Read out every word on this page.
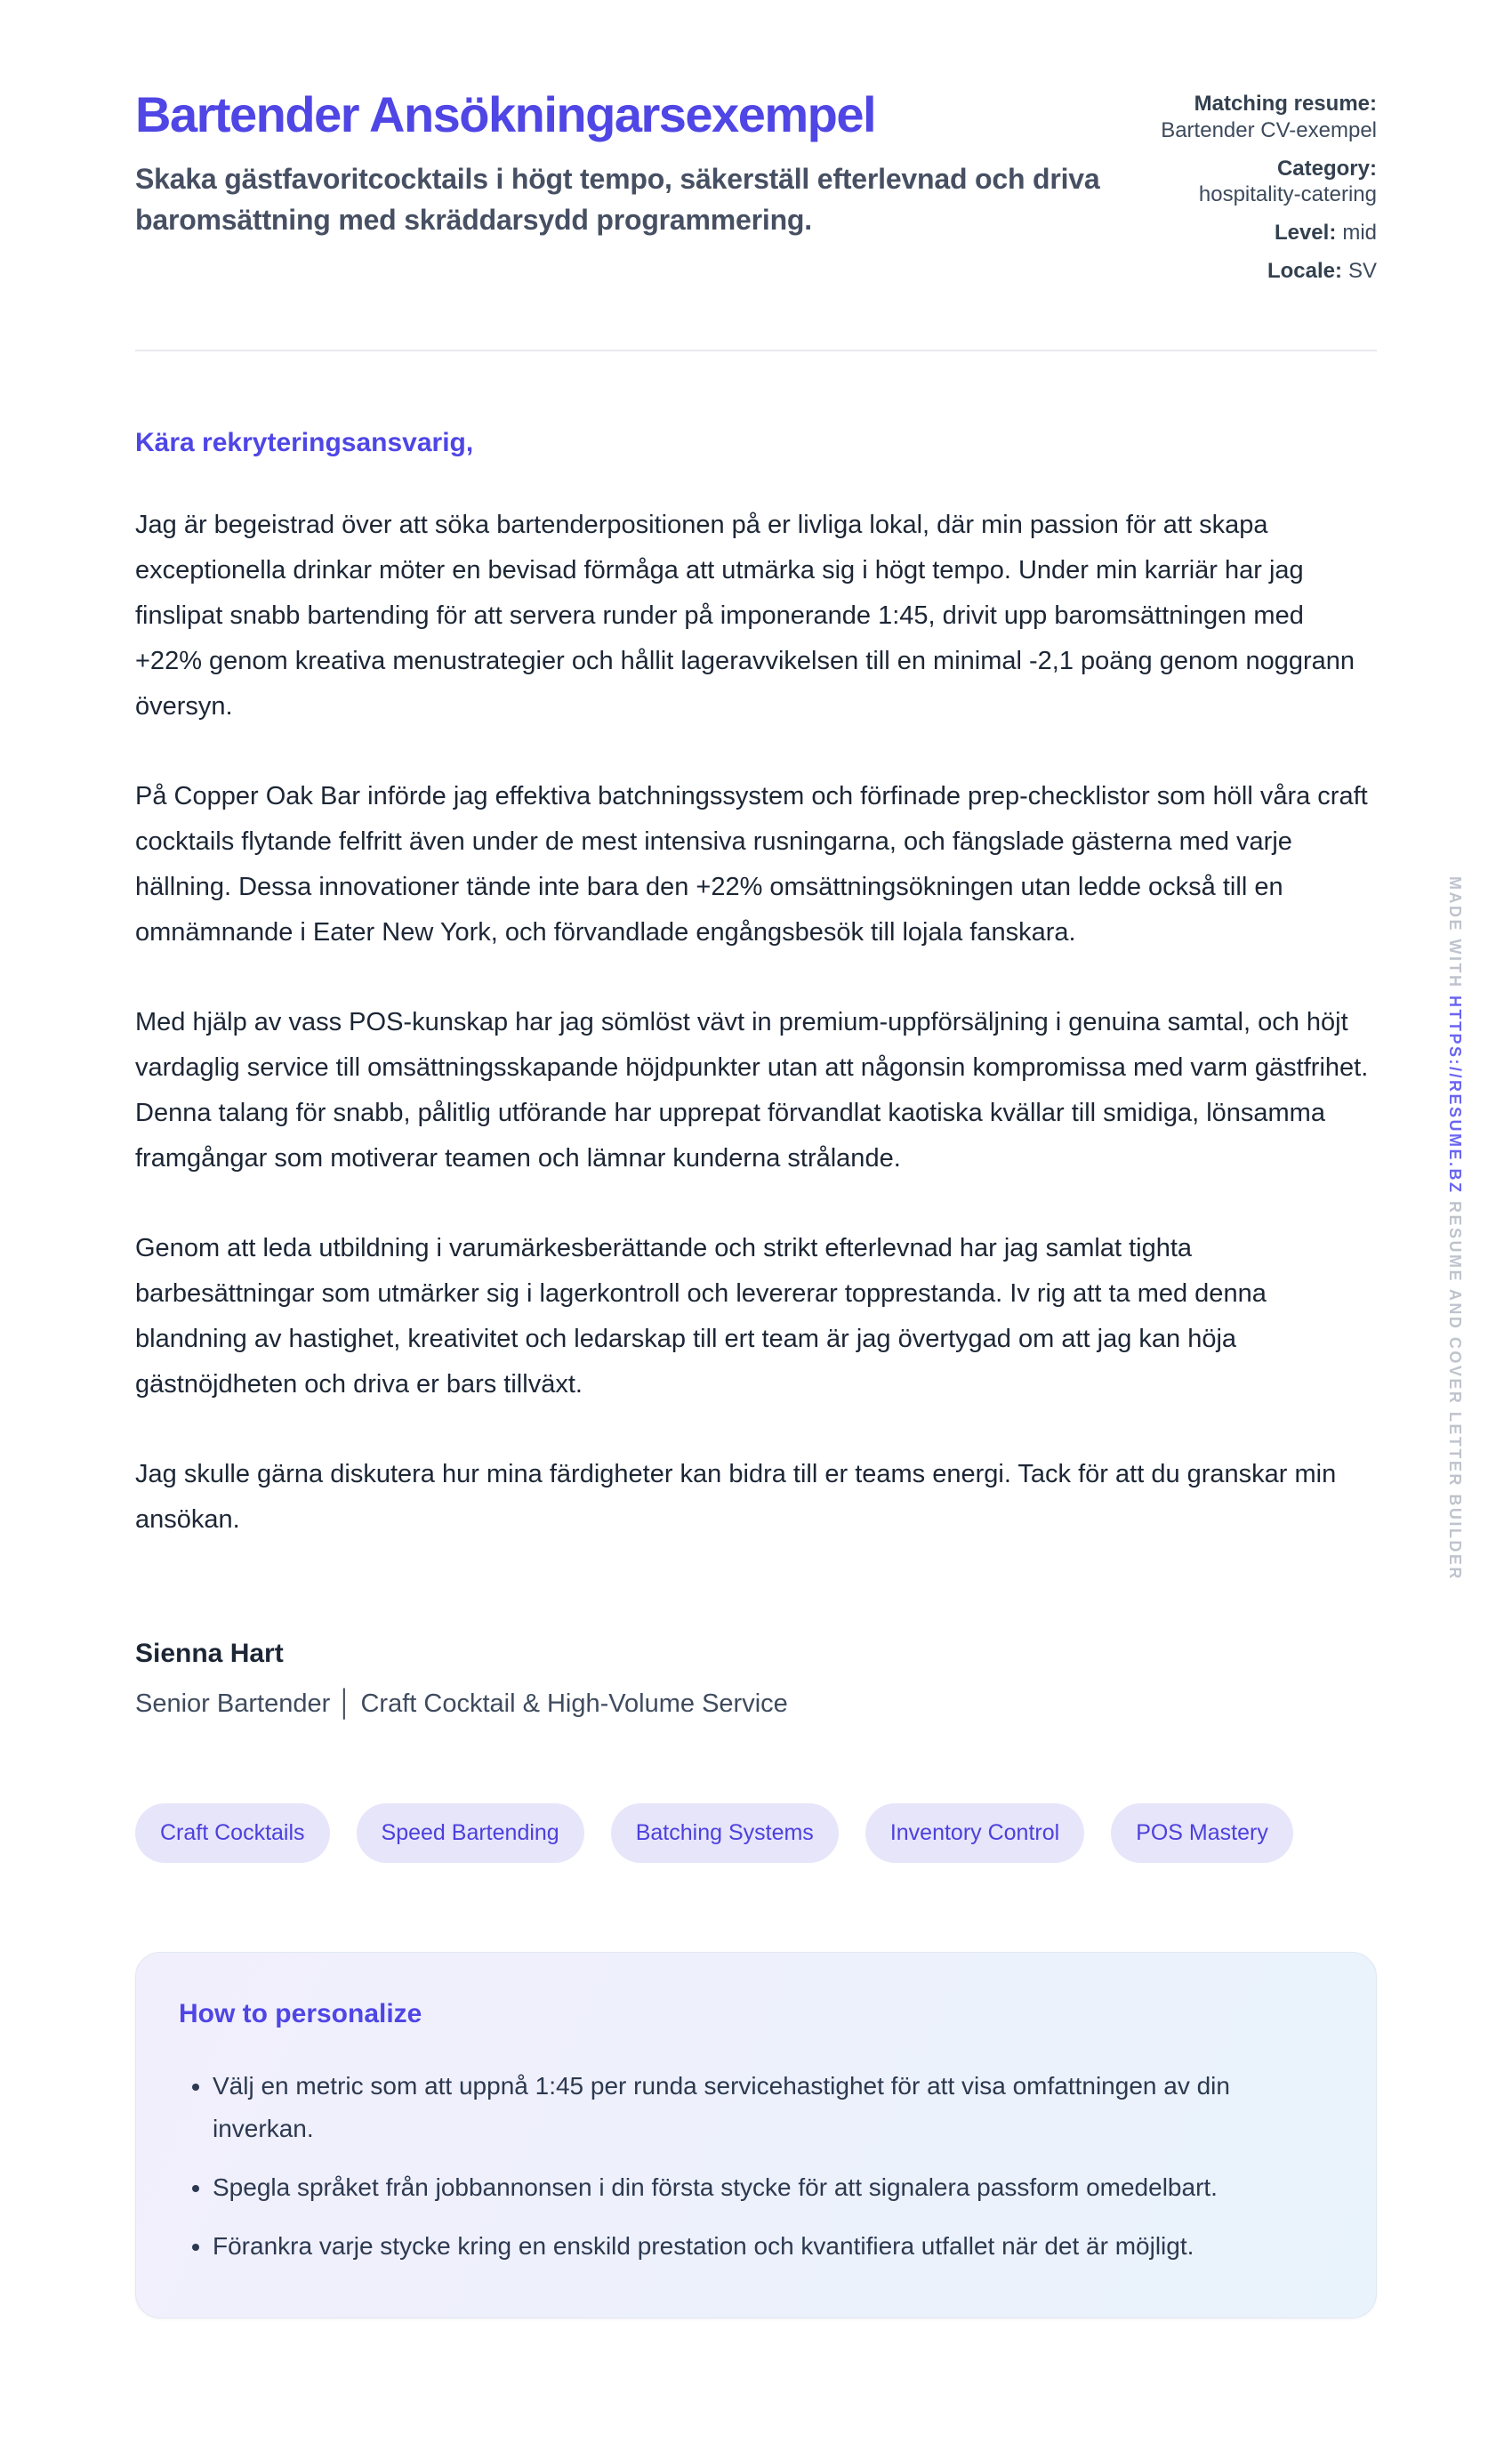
Bartender Ansökningarsexempel

Skaka gästfavoritcocktails i högt tempo, säkerställ efterlevnad och driva baromsättning med skräddarsydd programmering.

Matching resume:
Bartender CV-exempel
Category:
hospitality-catering
Level: mid
Locale: SV

Kära rekryteringsansvarig,

Jag är begeistrad över att söka bartenderpositionen på er livliga lokal, där min passion för att skapa exceptionella drinkar möter en bevisad förmåga att utmärka sig i högt tempo. Under min karriär har jag finslipat snabb bartending för att servera runder på imponerande 1:45, drivit upp baromsättningen med +22% genom kreativa menustrategier och hållit lageravvikelsen till en minimal -2,1 poäng genom noggrann översyn.

På Copper Oak Bar införde jag effektiva batchningssystem och förfinade prep-checklistor som höll våra craft cocktails flytande felfritt även under de mest intensiva rusningarna, och fängslade gästerna med varje hällning. Dessa innovationer tände inte bara den +22% omsättningsökningen utan ledde också till en omnämnande i Eater New York, och förvandlade engångsbesök till lojala fanskara.

Med hjälp av vass POS-kunskap har jag sömlöst vävt in premium-uppförsäljning i genuina samtal, och höjt vardaglig service till omsättningsskapande höjdpunkter utan att någonsin kompromissa med varm gästfrihet. Denna talang för snabb, pålitlig utförande har upprepat förvandlat kaotiska kvällar till smidiga, lönsamma framgångar som motiverar teamen och lämnar kunderna strålande.

Genom att leda utbildning i varumärkesberättande och strikt efterlevnad har jag samlat tighta barbesättningar som utmärker sig i lagerkontroll och levererar topprestanda. Iv rig att ta med denna blandning av hastighet, kreativitet och ledarskap till ert team är jag övertygad om att jag kan höja gästnöjdheten och driva er bars tillväxt.

Jag skulle gärna diskutera hur mina färdigheter kan bidra till er teams energi. Tack för att du granskar min ansökan.

Sienna Hart

Senior Bartender │ Craft Cocktail & High-Volume Service

Craft Cocktails	Speed Bartending	Batching Systems	Inventory Control	POS Mastery
How to personalize
• Välj en metric som att uppnå 1:45 per runda servicehastighet för att visa omfattningen av din inverkan.
• Spegla språket från jobbannonsen i din första stycke för att signalera passform omedelbart.
• Förankra varje stycke kring en enskild prestation och kvantifiera utfallet när det är möjligt.
MADE WITH HTTPS://RESUME.BZ RESUME AND COVER LETTER BUILDER
